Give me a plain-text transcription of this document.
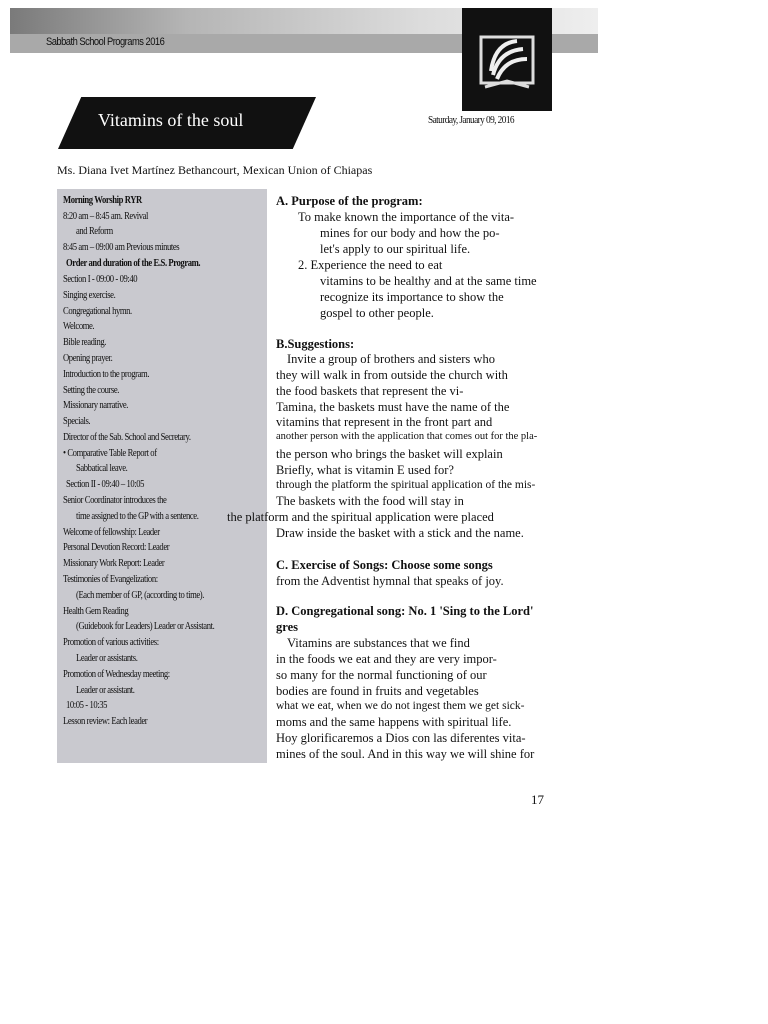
Sabbath School Programs 2016
Vitamins of the soul	Saturday, January 09, 2016
Ms. Diana Ivet Martínez Bethancourt, Mexican Union of Chiapas
Morning Worship RYR
8:20 am – 8:45 am. Revival
and Reform
8:45 am – 09:00 am Previous minutes
Order and duration of the E.S. Program.
Section I - 09:00 - 09:40
Singing exercise.
Congregational hymn.
Welcome.
Bible reading.
Opening prayer.
Introduction to the program.
Setting the course.
Missionary narrative.
Specials.
Director of the Sab. School and Secretary.
• Comparative Table Report of
Sabbatical leave.
Section II - 09:40 – 10:05
Senior Coordinator introduces the
time assigned to the GP with a sentence.
Welcome of fellowship: Leader
Personal Devotion Record: Leader
Missionary Work Report: Leader
Testimonies of Evangelization:
(Each member of GP, (according to time).
Health Gem Reading
(Guidebook for Leaders) Leader or Assistant.
Promotion of various activities:
Leader or assistants.
Promotion of Wednesday meeting:
Leader or assistant.
10:05 - 10:35
Lesson review: Each leader
A. Purpose of the program:
To make known the importance of the vita-
mines for our body and how the po-
let's apply to our spiritual life.
2. Experience the need to eat
vitamins to be healthy and at the same time
recognize its importance to show the
gospel to other people.
B.Suggestions:
Invite a group of brothers and sisters who
they will walk in from outside the church with
the food baskets that represent the vi-
Tamina, the baskets must have the name of the
vitamins that represent in the front part and
another person with the application that comes out for the pla-
the person who brings the basket will explain
Briefly, what is vitamin E used for?
through the platform the spiritual application of the mis-
The baskets with the food will stay in
the platform and the spiritual application were placed
Draw inside the basket with a stick and the name.
C. Exercise of Songs: Choose some songs
from the Adventist hymnal that speaks of joy.
D. Congregational song: No. 1 'Sing to the Lord'
gres
Vitamins are substances that we find
in the foods we eat and they are very impor-
so many for the normal functioning of our
bodies are found in fruits and vegetables
what we eat, when we do not ingest them we get sick-
moms and the same happens with spiritual life.
Hoy glorificaremos a Dios con las diferentes vita-
mines of the soul. And in this way we will shine for
17
